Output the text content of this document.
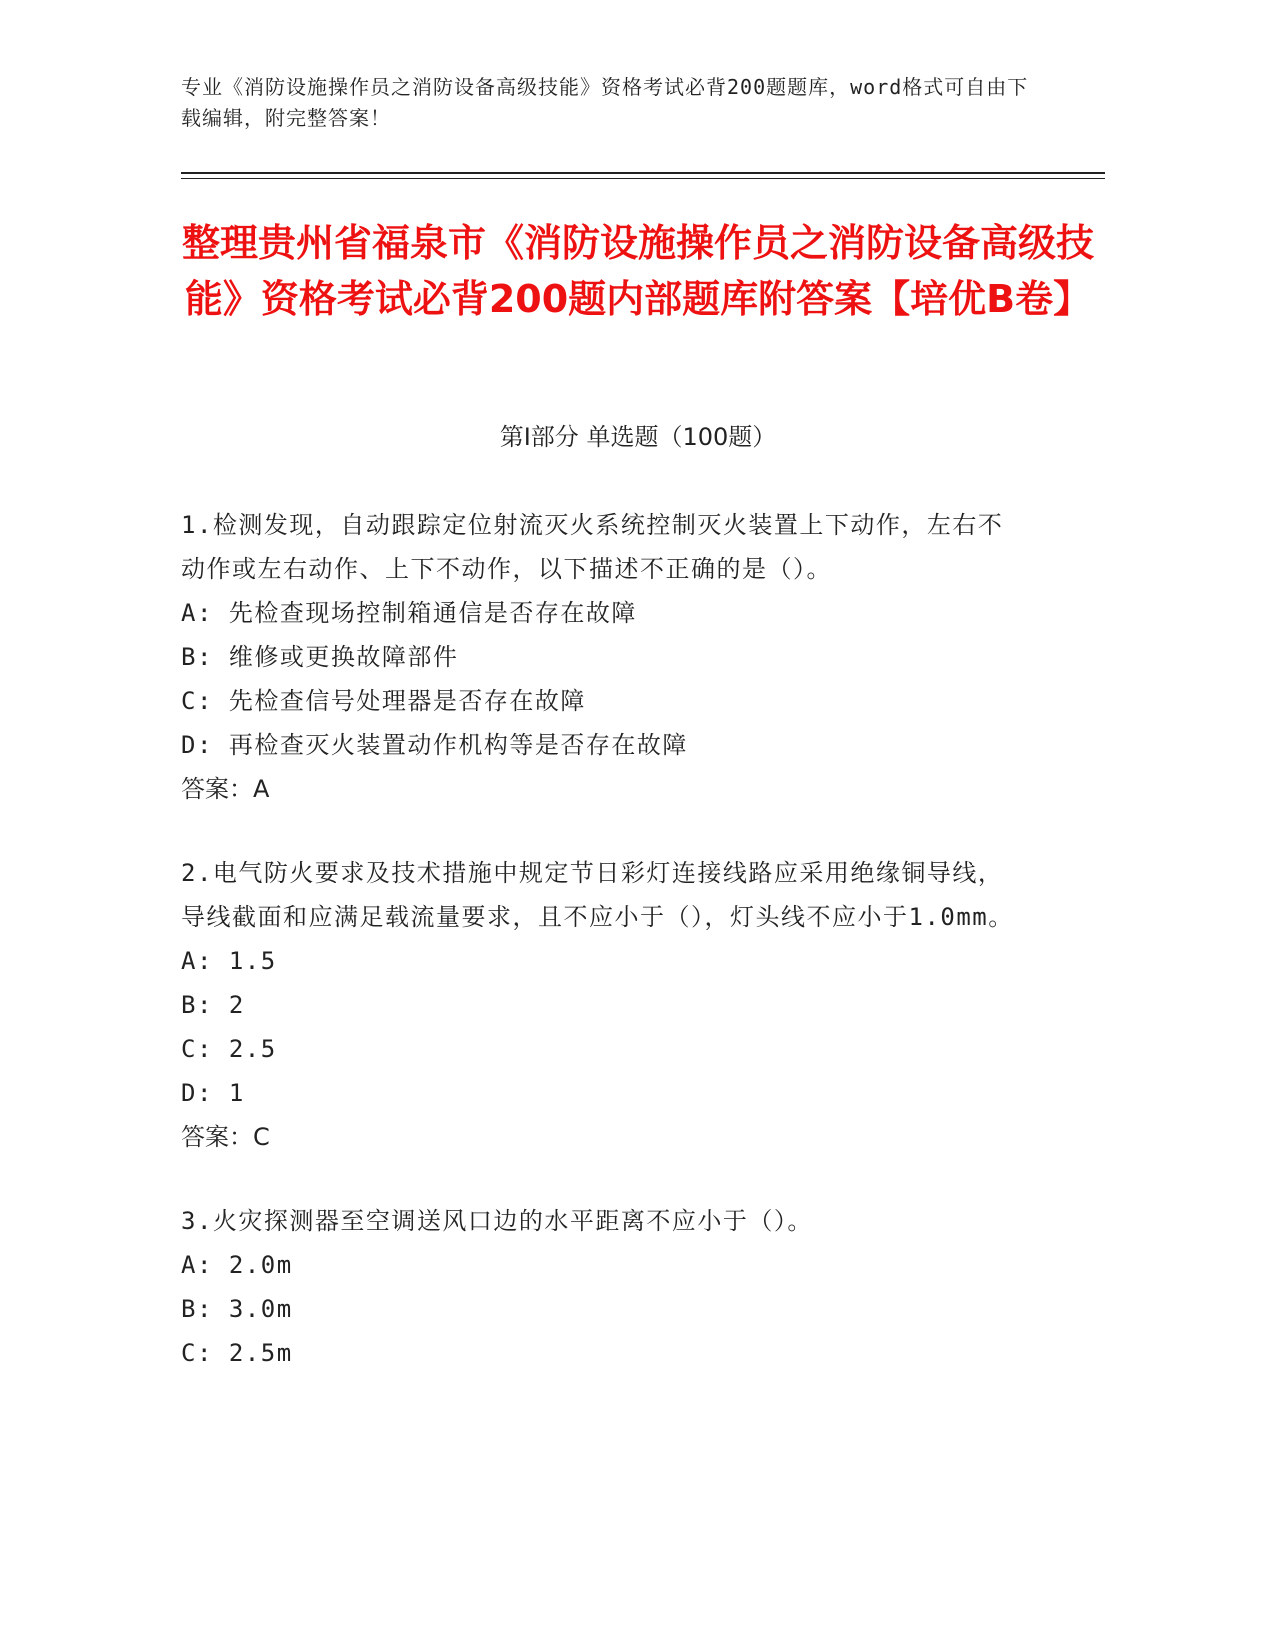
专业《消防设施操作员之消防设备高级技能》资格考试必背200题题库，word格式可自由下载编辑，附完整答案！
整理贵州省福泉市《消防设施操作员之消防设备高级技能》资格考试必背200题内部题库附答案【培优B卷】
第Ⅰ部分 单选题（100题）
1.检测发现，自动跟踪定位射流灭火系统控制灭火装置上下动作，左右不动作或左右动作、上下不动作，以下描述不正确的是（）。
A: 先检查现场控制箱通信是否存在故障
B: 维修或更换故障部件
C: 先检查信号处理器是否存在故障
D: 再检查灭火装置动作机构等是否存在故障
答案：A
2.电气防火要求及技术措施中规定节日彩灯连接线路应采用绝缘铜导线，导线截面和应满足载流量要求，且不应小于（），灯头线不应小于1.0mm。
A: 1.5
B: 2
C: 2.5
D: 1
答案：C
3.火灾探测器至空调送风口边的水平距离不应小于（）。
A: 2.0m
B: 3.0m
C: 2.5m
